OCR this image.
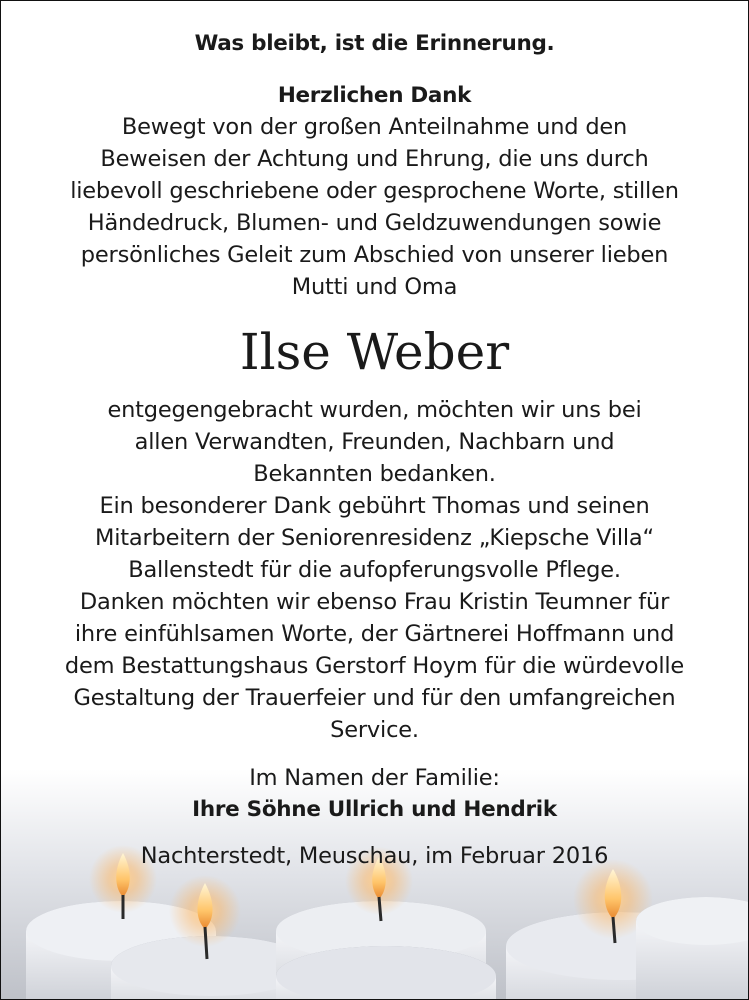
Was bleibt, ist die Erinnerung.
Herzlichen Dank
Bewegt von der großen Anteilnahme und den
Beweisen der Achtung und Ehrung, die uns durch
liebevoll geschriebene oder gesprochene Worte, stillen
Händedruck, Blumen- und Geldzuwendungen sowie
persönliches Geleit zum Abschied von unserer lieben
Mutti und Oma
Ilse Weber
entgegengebracht wurden, möchten wir uns bei
allen Verwandten, Freunden, Nachbarn und
Bekannten bedanken.
Ein besonderer Dank gebührt Thomas und seinen
Mitarbeitern der Seniorenresidenz „Kiepsche Villa“
Ballenstedt für die aufopferungsvolle Pflege.
Danken möchten wir ebenso Frau Kristin Teumner für
ihre einfühlsamen Worte, der Gärtnerei Hoffmann und
dem Bestattungshaus Gerstorf Hoym für die würdevolle
Gestaltung der Trauerfeier und für den umfangreichen
Service.
Im Namen der Familie:
Ihre Söhne Ullrich und Hendrik
Nachterstedt, Meuschau, im Februar 2016
